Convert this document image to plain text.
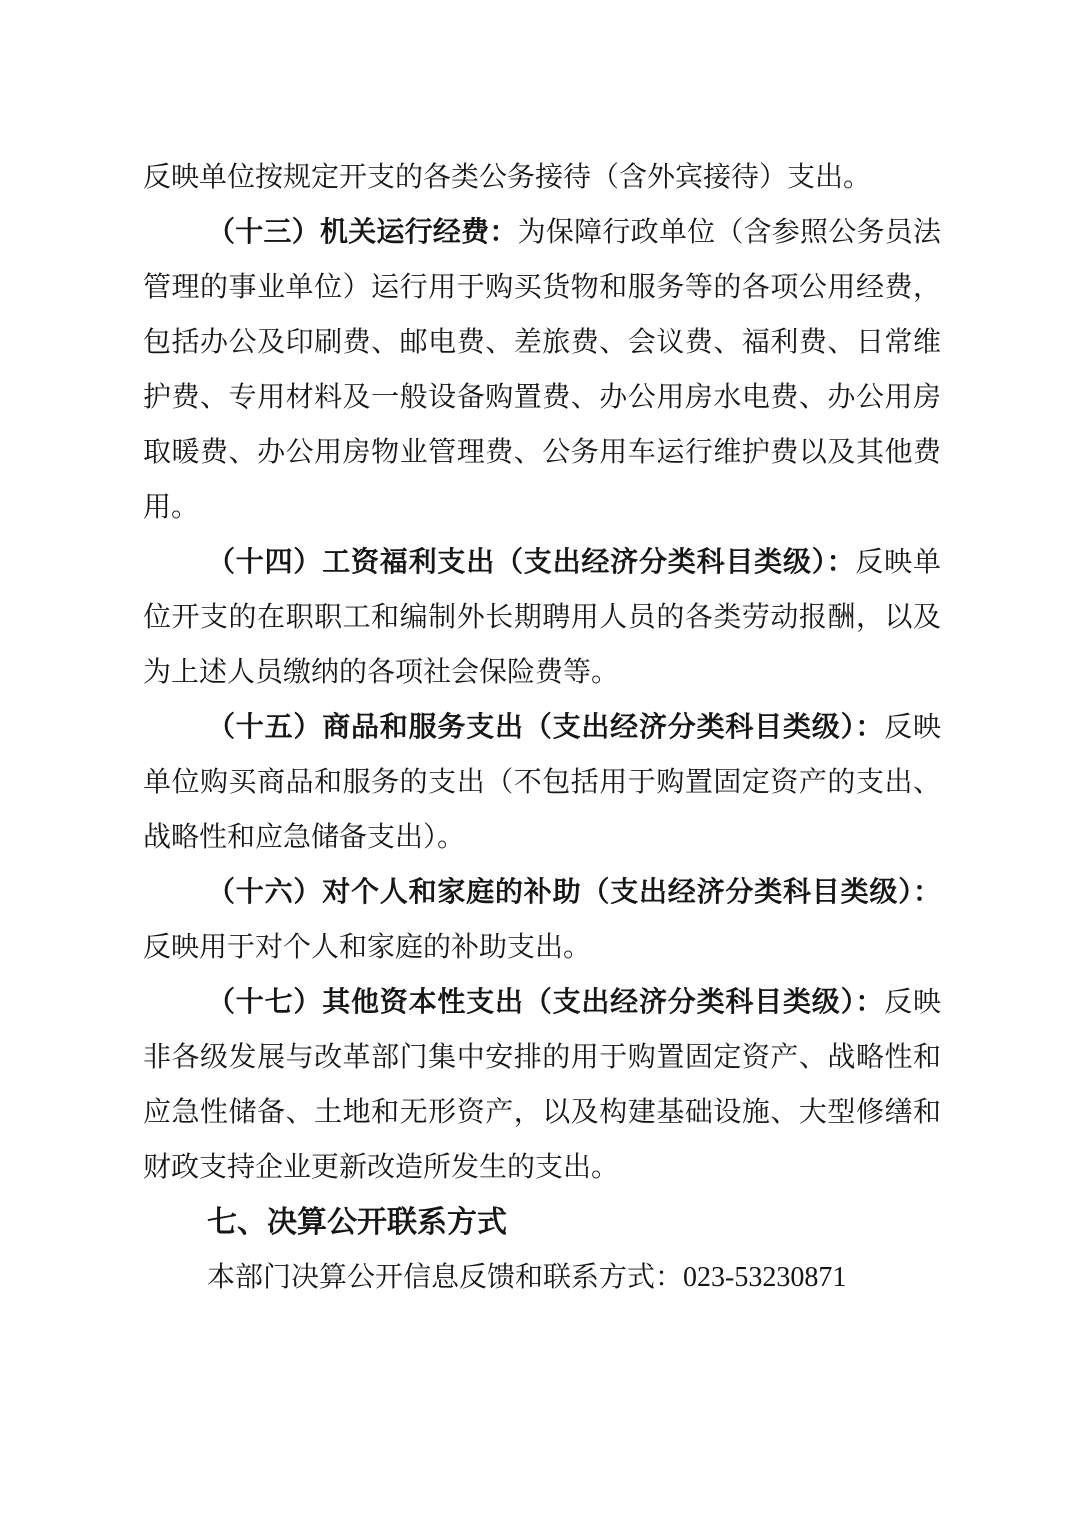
反映单位按规定开支的各类公务接待（含外宾接待）支出。
（十三）机关运行经费：为保障行政单位（含参照公务员法
管理的事业单位）运行用于购买货物和服务等的各项公用经费，
包括办公及印刷费、邮电费、差旅费、会议费、福利费、日常维
护费、专用材料及一般设备购置费、办公用房水电费、办公用房
取暖费、办公用房物业管理费、公务用车运行维护费以及其他费
用。
（十四）工资福利支出（支出经济分类科目类级）：反映单
位开支的在职职工和编制外长期聘用人员的各类劳动报酬，以及
为上述人员缴纳的各项社会保险费等。
（十五）商品和服务支出（支出经济分类科目类级）：反映
单位购买商品和服务的支出（不包括用于购置固定资产的支出、
战略性和应急储备支出）。
（十六）对个人和家庭的补助（支出经济分类科目类级）：
反映用于对个人和家庭的补助支出。
（十七）其他资本性支出（支出经济分类科目类级）：反映
非各级发展与改革部门集中安排的用于购置固定资产、战略性和
应急性储备、土地和无形资产，以及构建基础设施、大型修缮和
财政支持企业更新改造所发生的支出。
七、决算公开联系方式
本部门决算公开信息反馈和联系方式：023-53230871
